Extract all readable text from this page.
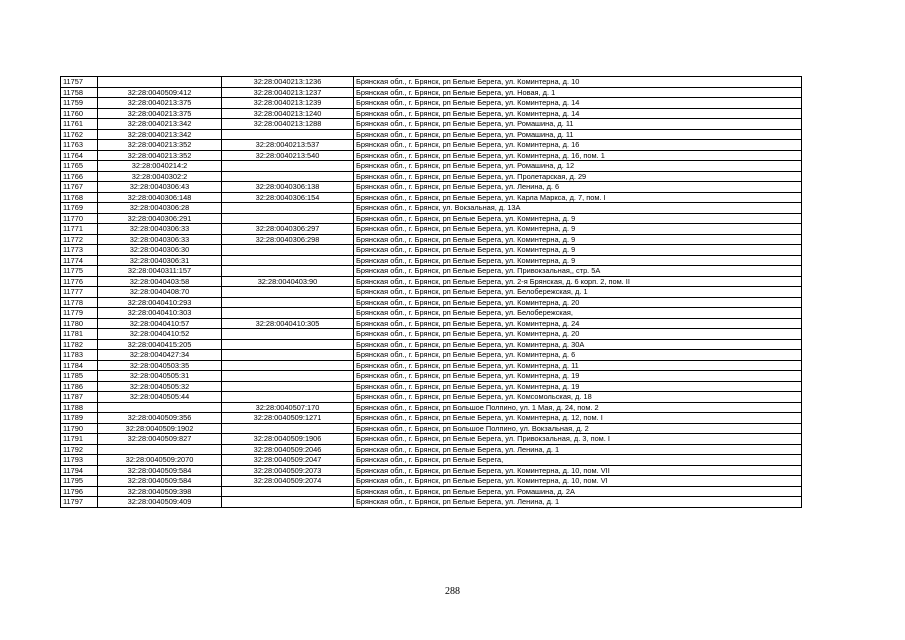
11757		32:28:0040213:1236	Брянская обл., г. Брянск, рп Белые Берега, ул. Коминтерна, д. 10
11758	32:28:0040509:412	32:28:0040213:1237	Брянская обл., г. Брянск, рп Белые Берега, ул. Новая, д. 1
11759	32:28:0040213:375	32:28:0040213:1239	Брянская обл., г. Брянск, рп Белые Берега, ул. Коминтерна, д. 14
11760	32:28:0040213:375	32:28:0040213:1240	Брянская обл., г. Брянск, рп Белые Берега, ул. Коминтерна, д. 14
11761	32:28:0040213:342	32:28:0040213:1288	Брянская обл., г. Брянск, рп Белые Берега, ул. Ромашина, д. 11
11762	32:28:0040213:342		Брянская обл., г. Брянск, рп Белые Берега, ул. Ромашина, д. 11
11763	32:28:0040213:352	32:28:0040213:537	Брянская обл., г. Брянск, рп Белые Берега, ул. Коминтерна, д. 16
11764	32:28:0040213:352	32:28:0040213:540	Брянская обл., г. Брянск, рп Белые Берега, ул. Коминтерна, д. 16, пом. 1
11765	32:28:0040214:2		Брянская обл., г. Брянск, рп Белые Берега, ул. Ромашина, д. 12
11766	32:28:0040302:2		Брянская обл., г. Брянск, рп Белые Берега, ул. Пролетарская, д. 29
11767	32:28:0040306:43	32:28:0040306:138	Брянская обл., г. Брянск, рп Белые Берега, ул. Ленина, д. 6
11768	32:28:0040306:148	32:28:0040306:154	Брянская обл., г. Брянск, рп Белые Берега, ул. Карла Маркса, д. 7, пом. I
11769	32:28:0040306:28		Брянская обл., г. Брянск, ул. Вокзальная, д. 13А
11770	32:28:0040306:291		Брянская обл., г. Брянск, рп Белые Берега, ул. Коминтерна, д. 9
11771	32:28:0040306:33	32:28:0040306:297	Брянская обл., г. Брянск, рп Белые Берега, ул. Коминтерна, д. 9
11772	32:28:0040306:33	32:28:0040306:298	Брянская обл., г. Брянск, рп Белые Берега, ул. Коминтерна, д. 9
11773	32:28:0040306:30		Брянская обл., г. Брянск, рп Белые Берега, ул. Коминтерна, д. 9
11774	32:28:0040306:31		Брянская обл., г. Брянск, рп Белые Берега, ул. Коминтерна, д. 9
11775	32:28:0040311:157		Брянская обл., г. Брянск, рп Белые Берега, ул. Привокзальная,, стр. 5А
11776	32:28:0040403:58	32:28:0040403:90	Брянская обл., г. Брянск, рп Белые Берега, ул. 2-я Брянская, д. 6 корп. 2, пом. II
11777	32:28:0040408:70		Брянская обл., г. Брянск, рп Белые Берега, ул. Белобережская, д. 1
11778	32:28:0040410:293		Брянская обл., г. Брянск, рп Белые Берега, ул. Коминтерна, д. 20
11779	32:28:0040410:303		Брянская обл., г. Брянск, рп Белые Берега, ул. Белобережская,
11780	32:28:0040410:57	32:28:0040410:305	Брянская обл., г. Брянск, рп Белые Берега, ул. Коминтерна, д. 24
11781	32:28:0040410:52		Брянская обл., г. Брянск, рп Белые Берега, ул. Коминтерна, д. 20
11782	32:28:0040415:205		Брянская обл., г. Брянск, рп Белые Берега, ул. Коминтерна, д. 30А
11783	32:28:0040427:34		Брянская обл., г. Брянск, рп Белые Берега, ул. Коминтерна, д. 6
11784	32:28:0040503:35		Брянская обл., г. Брянск, рп Белые Берега, ул. Коминтерна, д. 11
11785	32:28:0040505:31		Брянская обл., г. Брянск, рп Белые Берега, ул. Коминтерна, д. 19
11786	32:28:0040505:32		Брянская обл., г. Брянск, рп Белые Берега, ул. Коминтерна, д. 19
11787	32:28:0040505:44		Брянская обл., г. Брянск, рп Белые Берега, ул. Комсомольская, д. 18
11788		32:28:0040507:170	Брянская обл., г. Брянск, рп Большое Полпино, ул. 1 Мая, д. 24, пом. 2
11789	32:28:0040509:356	32:28:0040509:1271	Брянская обл., г. Брянск, рп Белые Берега, ул. Коминтерна, д. 12, пом. I
11790	32:28:0040509:1902		Брянская обл., г. Брянск, рп Большое Полпино, ул. Вокзальная, д. 2
11791	32:28:0040509:827	32:28:0040509:1906	Брянская обл., г. Брянск, рп Белые Берега, ул. Привокзальная, д. 3, пом. I
11792		32:28:0040509:2046	Брянская обл., г. Брянск, рп Белые Берега, ул. Ленина, д. 1
11793	32:28:0040509:2070	32:28:0040509:2047	Брянская обл., г. Брянск, рп Белые Берега,
11794	32:28:0040509:584	32:28:0040509:2073	Брянская обл., г. Брянск, рп Белые Берега, ул. Коминтерна, д. 10, пом. VII
11795	32:28:0040509:584	32:28:0040509:2074	Брянская обл., г. Брянск, рп Белые Берега, ул. Коминтерна, д. 10, пом. VI
11796	32:28:0040509:398		Брянская обл., г. Брянск, рп Белые Берега, ул. Ромашина, д. 2А
11797	32:28:0040509:409		Брянская обл., г. Брянск, рп Белые Берега, ул. Ленина, д. 1
288
